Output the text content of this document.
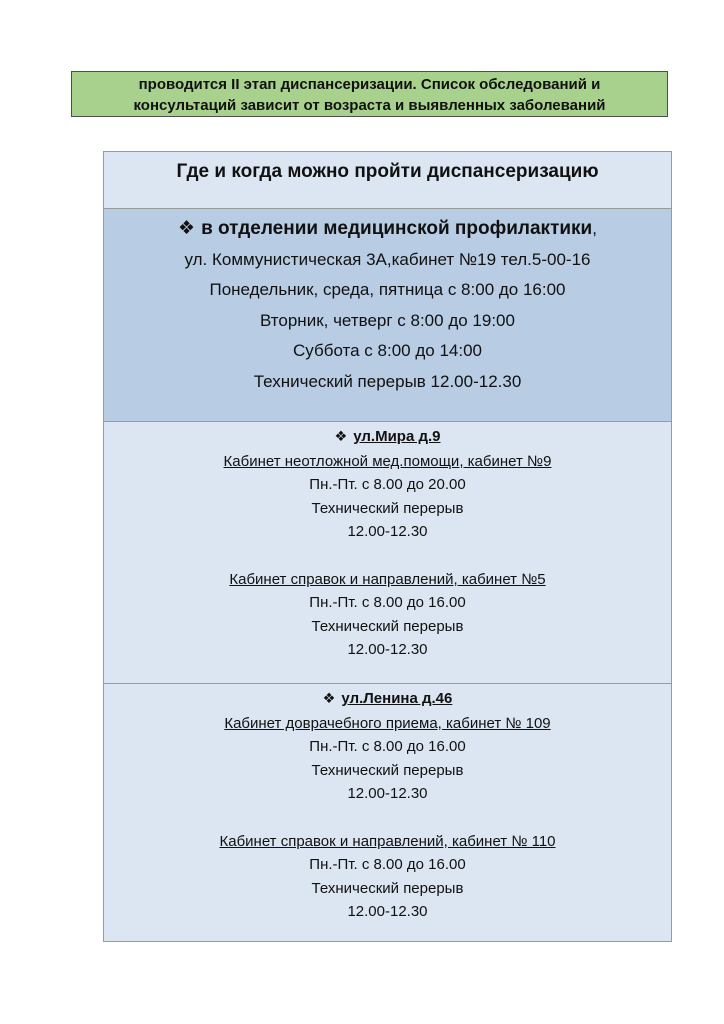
проводится II этап диспансеризации. Список обследований и
консультаций зависит от возраста и выявленных заболеваний
Где и когда можно пройти диспансеризацию
❖ в отделении медицинской профилактики,
ул. Коммунистическая 3А,кабинет №19 тел.5-00-16
Понедельник, среда, пятница с 8:00 до 16:00
Вторник, четверг с 8:00 до 19:00
Суббота с 8:00 до 14:00
Технический перерыв 12.00-12.30
❖ ул.Мира д.9
Кабинет неотложной мед.помощи, кабинет №9
Пн.-Пт. с 8.00 до 20.00
Технический перерыв
12.00-12.30
Кабинет справок и направлений, кабинет №5
Пн.-Пт. с 8.00 до 16.00
Технический перерыв
12.00-12.30
❖ ул.Ленина д.46
Кабинет доврачебного приема, кабинет № 109
Пн.-Пт. с 8.00 до 16.00
Технический перерыв
12.00-12.30
Кабинет справок и направлений, кабинет № 110
Пн.-Пт. с 8.00 до 16.00
Технический перерыв
12.00-12.30
